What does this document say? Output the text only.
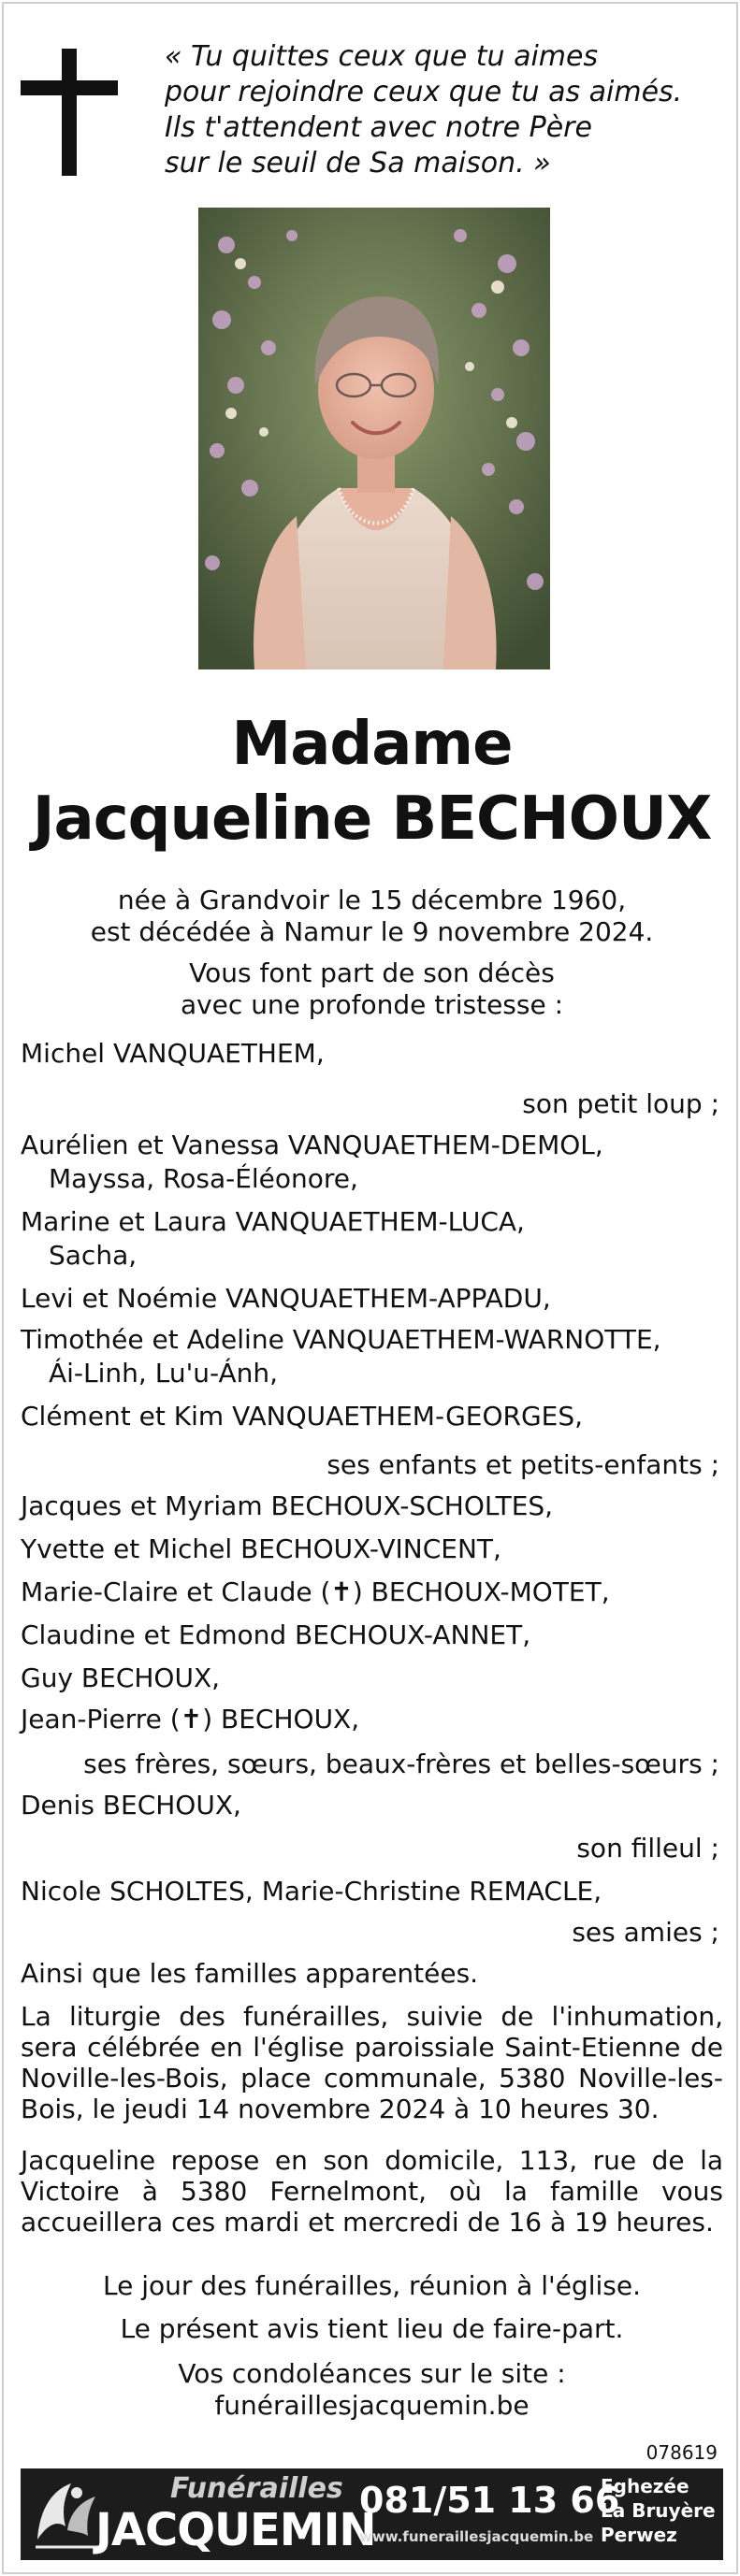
« Tu quittes ceux que tu aimes
pour rejoindre ceux que tu as aimés.
Ils t'attendent avec notre Père
sur le seuil de Sa maison. »
Madame
Jacqueline BECHOUX
née à Grandvoir le 15 décembre 1960,
est décédée à Namur le 9 novembre 2024.
Vous font part de son décès
avec une profonde tristesse :
Michel VANQUAETHEM,
son petit loup ;
Aurélien et Vanessa VANQUAETHEM-DEMOL,
Mayssa, Rosa-Éléonore,
Marine et Laura VANQUAETHEM-LUCA,
Sacha,
Levi et Noémie VANQUAETHEM-APPADU,
Timothée et Adeline VANQUAETHEM-WARNOTTE,
Ái-Linh, Lu'u-Ánh,
Clément et Kim VANQUAETHEM-GEORGES,
ses enfants et petits-enfants ;
Jacques et Myriam BECHOUX-SCHOLTES,
Yvette et Michel BECHOUX-VINCENT,
Marie-Claire et Claude (✝) BECHOUX-MOTET,
Claudine et Edmond BECHOUX-ANNET,
Guy BECHOUX,
Jean-Pierre (✝) BECHOUX,
ses frères, sœurs, beaux-frères et belles-sœurs ;
Denis BECHOUX,
son filleul ;
Nicole SCHOLTES, Marie-Christine REMACLE,
ses amies ;
Ainsi que les familles apparentées.
La liturgie des funérailles, suivie de l'inhumation, sera célébrée en l'église paroissiale Saint-Etienne de Noville-les-Bois, place communale, 5380 Noville-les-Bois, le jeudi 14 novembre 2024 à 10 heures 30.
Jacqueline repose en son domicile, 113, rue de la Victoire à 5380 Fernelmont, où la famille vous accueillera ces mardi et mercredi de 16 à 19 heures.
Le jour des funérailles, réunion à l'église.
Le présent avis tient lieu de faire-part.
Vos condoléances sur le site :
funéraillesjacquemin.be
078619
Funérailles
JACQUEMIN
081/51 13 66
www.funeraillesjacquemin.be
Eghezée
La Bruyère
Perwez
